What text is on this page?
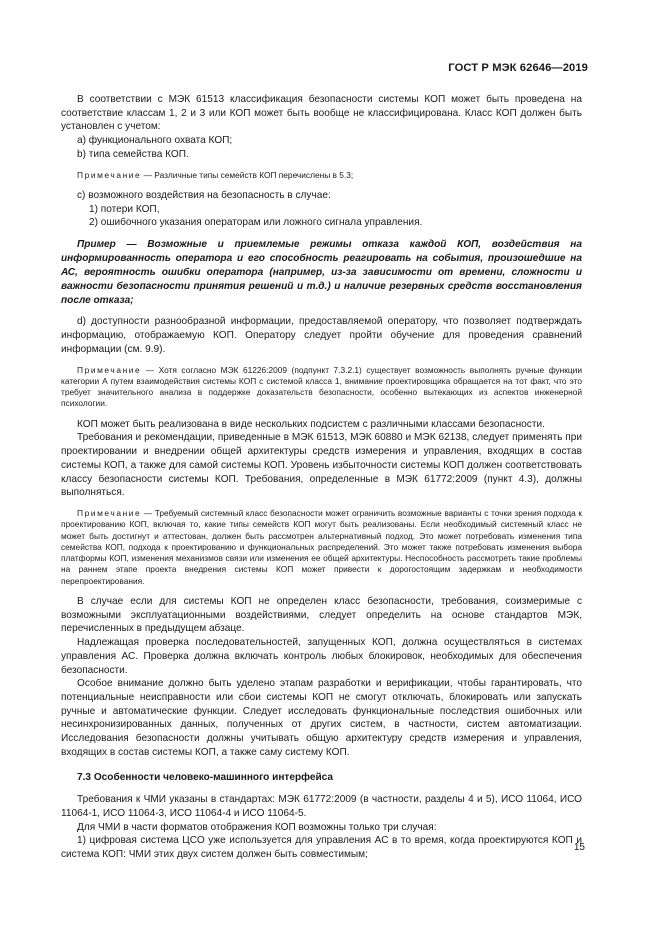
ГОСТ Р МЭК 62646—2019

В соответствии с МЭК 61513 классификация безопасности системы КОП может быть проведена на соответствие классам 1, 2 и 3 или КОП может быть вообще не классифицирована. Класс КОП должен быть установлен с учетом:

a) функционального охвата КОП;

b) типа семейства КОП.

Примечание — Различные типы семейств КОП перечислены в 5.3;

c) возможного воздействия на безопасность в случае:

1) потери КОП,

2) ошибочного указания операторам или ложного сигнала управления.

Пример — Возможные и приемлемые режимы отказа каждой КОП, воздействия на информированность оператора и его способность реагировать на события, произошедшие на АС, вероятность ошибки оператора (например, из-за зависимости от времени, сложности и важности безопасности принятия решений и т.д.) и наличие резервных средств восстановления после отказа;

d) доступности разнообразной информации, предоставляемой оператору, что позволяет подтверждать информацию, отображаемую КОП. Оператору следует пройти обучение для проведения сравнений информации (см. 9.9).

Примечание — Хотя согласно МЭК 61226:2009 (подпункт 7.3.2.1) существует возможность выполнять ручные функции категории А путем взаимодействия системы КОП с системой класса 1, внимание проектировщика обращается на тот факт, что это требует значительного анализа в поддержке доказательств безопасности, особенно вытекающих из аспектов инженерной психологии.

КОП может быть реализована в виде нескольких подсистем с различными классами безопасности.

Требования и рекомендации, приведенные в МЭК 61513, МЭК 60880 и МЭК 62138, следует применять при проектировании и внедрении общей архитектуры средств измерения и управления, входящих в состав системы КОП, а также для самой системы КОП. Уровень избыточности системы КОП должен соответствовать классу безопасности системы КОП. Требования, определенные в МЭК 61772:2009 (пункт 4.3), должны выполняться.

Примечание — Требуемый системный класс безопасности может ограничить возможные варианты с точки зрения подхода к проектированию КОП, включая то, какие типы семейств КОП могут быть реализованы. Если необходимый системный класс не может быть достигнут и аттестован, должен быть рассмотрен альтернативный подход. Это может потребовать изменения типа семейства КОП, подхода к проектированию и функциональных распределений. Это может также потребовать изменения выбора платформы КОП, изменения механизмов связи или изменения ее общей архитектуры. Неспособность рассмотреть такие проблемы на раннем этапе проекта внедрения системы КОП может привести к дорогостоящим задержкам и необходимости перепроектирования.

В случае если для системы КОП не определен класс безопасности, требования, соизмеримые с возможными эксплуатационными воздействиями, следует определить на основе стандартов МЭК, перечисленных в предыдущем абзаце.

Надлежащая проверка последовательностей, запущенных КОП, должна осуществляться в системах управления АС. Проверка должна включать контроль любых блокировок, необходимых для обеспечения безопасности.

Особое внимание должно быть уделено этапам разработки и верификации, чтобы гарантировать, что потенциальные неисправности или сбои системы КОП не смогут отключать, блокировать или запускать ручные и автоматические функции. Следует исследовать функциональные последствия ошибочных или несинхронизированных данных, полученных от других систем, в частности, систем автоматизации. Исследования безопасности должны учитывать общую архитектуру средств измерения и управления, входящих в состав системы КОП, а также саму систему КОП.

7.3 Особенности человеко-машинного интерфейса

Требования к ЧМИ указаны в стандартах: МЭК 61772:2009 (в частности, разделы 4 и 5), ИСО 11064, ИСО 11064-1, ИСО 11064-3, ИСО 11064-4 и ИСО 11064-5.

Для ЧМИ в части форматов отображения КОП возможны только три случая:

1) цифровая система ЦСО уже используется для управления АС в то время, когда проектируются КОП и система КОП: ЧМИ этих двух систем должен быть совместимым;

15
